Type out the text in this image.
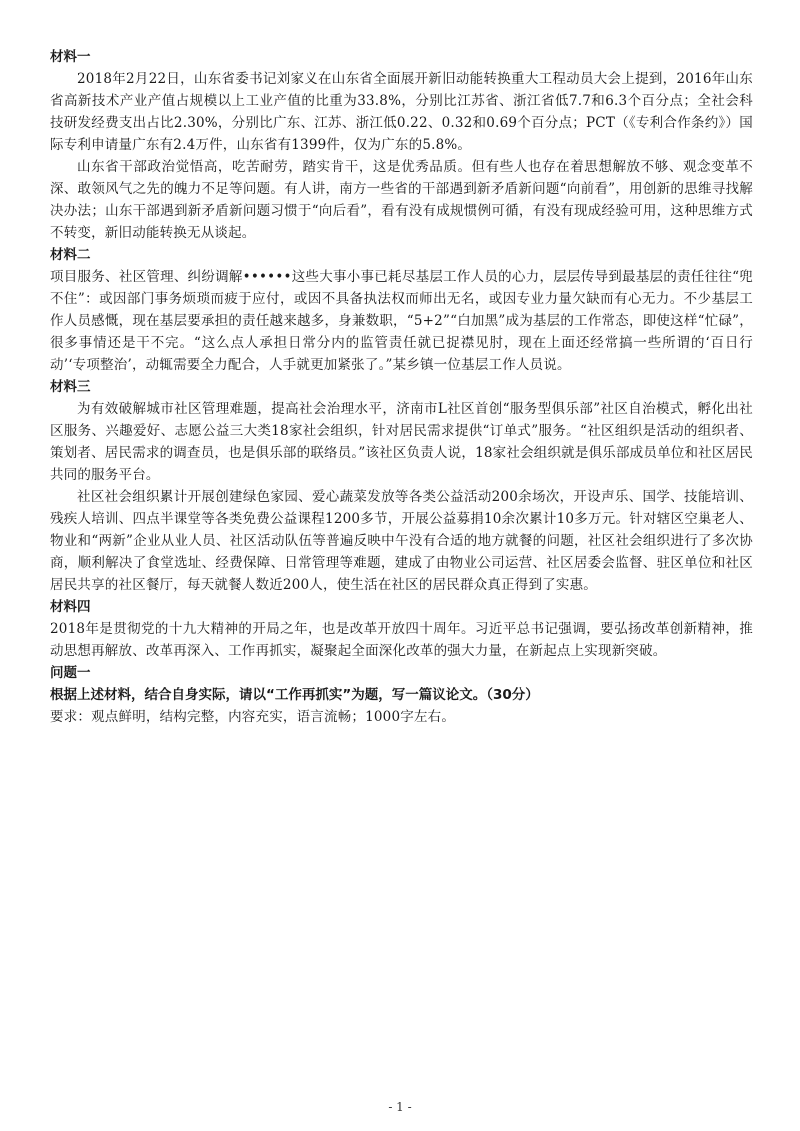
材料一

2018年2月22日，山东省委书记刘家义在山东省全面展开新旧动能转换重大工程动员大会上提到，2016年山东省高新技术产业产值占规模以上工业产值的比重为33.8%，分别比江苏省、浙江省低7.7和6.3个百分点；全社会科技研发经费支出占比2.30%，分别比广东、江苏、浙江低0.22、0.32和0.69个百分点；PCT（《专利合作条约》）国际专利申请量广东有2.4万件，山东省有1399件，仅为广东的5.8%。

山东省干部政治觉悟高，吃苦耐劳，踏实肯干，这是优秀品质。但有些人也存在着思想解放不够、观念变革不深、敢领风气之先的魄力不足等问题。有人讲，南方一些省的干部遇到新矛盾新问题“向前看”，用创新的思维寻找解决办法；山东干部遇到新矛盾新问题习惯于“向后看”，看有没有成规惯例可循，有没有现成经验可用，这种思维方式不转变，新旧动能转换无从谈起。

材料二

项目服务、社区管理、纠纷调解••••••这些大事小事已耗尽基层工作人员的心力，层层传导到最基层的责任往往“兜不住”：或因部门事务烦琐而疲于应付，或因不具备执法权而师出无名，或因专业力量欠缺而有心无力。不少基层工作人员感慨，现在基层要承担的责任越来越多，身兼数职，“5+2”“白加黑”成为基层的工作常态，即使这样“忙碌”，很多事情还是干不完。“这么点人承担日常分内的监管责任就已捉襟见肘，现在上面还经常搞一些所谓的‘百日行动’‘专项整治’，动辄需要全力配合，人手就更加紧张了。”某乡镇一位基层工作人员说。

材料三

为有效破解城市社区管理难题，提高社会治理水平，济南市L社区首创“服务型俱乐部”社区自治模式，孵化出社区服务、兴趣爱好、志愿公益三大类18家社会组织，针对居民需求提供“订单式”服务。“社区组织是活动的组织者、策划者、居民需求的调查员，也是俱乐部的联络员。”该社区负责人说，18家社会组织就是俱乐部成员单位和社区居民共同的服务平台。

社区社会组织累计开展创建绿色家园、爱心蔬菜发放等各类公益活动200余场次，开设声乐、国学、技能培训、残疾人培训、四点半课堂等各类免费公益课程1200多节，开展公益募捐10余次累计10多万元。针对辖区空巢老人、物业和“两新”企业从业人员、社区活动队伍等普遍反映中午没有合适的地方就餐的问题，社区社会组织进行了多次协商，顺利解决了食堂选址、经费保障、日常管理等难题，建成了由物业公司运营、社区居委会监督、驻区单位和社区居民共享的社区餐厅，每天就餐人数近200人，使生活在社区的居民群众真正得到了实惠。

材料四

2018年是贯彻党的十九大精神的开局之年，也是改革开放四十周年。习近平总书记强调，要弘扬改革创新精神，推动思想再解放、改革再深入、工作再抓实，凝聚起全面深化改革的强大力量，在新起点上实现新突破。

问题一

根据上述材料，结合自身实际，请以“工作再抓实”为题，写一篇议论文。（30分）

要求：观点鲜明，结构完整，内容充实，语言流畅；1000字左右。

- 1 -
